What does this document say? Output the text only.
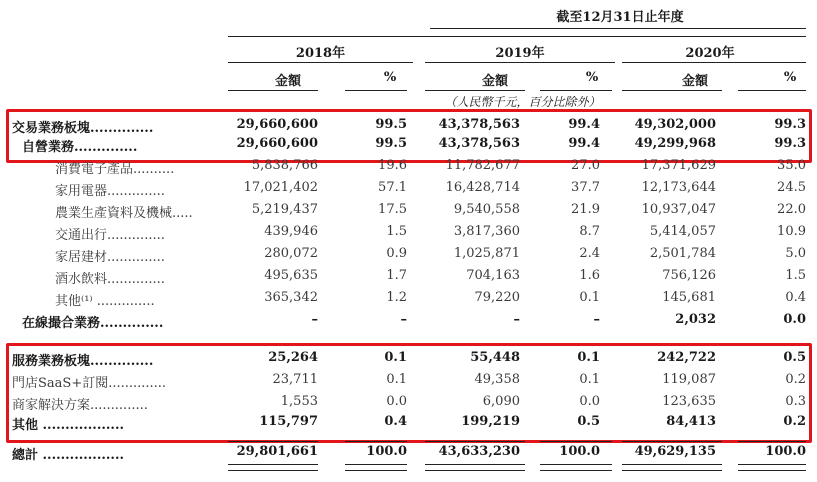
截至12月31日止年度
2018年	2019年	2020年
金額	%	金額	%	金額	%
（人民幣千元，百分比除外）
交易業務板塊..............	29,660,600	99.5	43,378,563	99.4	49,302,000	99.3
自營業務..............	29,660,600	99.5	43,378,563	99.4	49,299,968	99.3
消費電子產品..........	5,838,766	19.6	11,782,677	27.0	17,371,629	35.0
家用電器..............	17,021,402	57.1	16,428,714	37.7	12,173,644	24.5
農業生產資料及機械.....	5,219,437	17.5	9,540,558	21.9	10,937,047	22.0
交通出行..............	439,946	1.5	3,817,360	8.7	5,414,057	10.9
家居建材..............	280,072	0.9	1,025,871	2.4	2,501,784	5.0
酒水飲料..............	495,635	1.7	704,163	1.6	756,126	1.5
其他⁽¹⁾ ..............	365,342	1.2	79,220	0.1	145,681	0.4
在線撮合業務..............	–	–	–	–	2,032	0.0
服務業務板塊..............	25,264	0.1	55,448	0.1	242,722	0.5
門店SaaS+訂閱..............	23,711	0.1	49,358	0.1	119,087	0.2
商家解決方案..............	1,553	0.0	6,090	0.0	123,635	0.3
其他 ..................	115,797	0.4	199,219	0.5	84,413	0.2
總計 ..................	29,801,661	100.0	43,633,230	100.0	49,629,135	100.0
